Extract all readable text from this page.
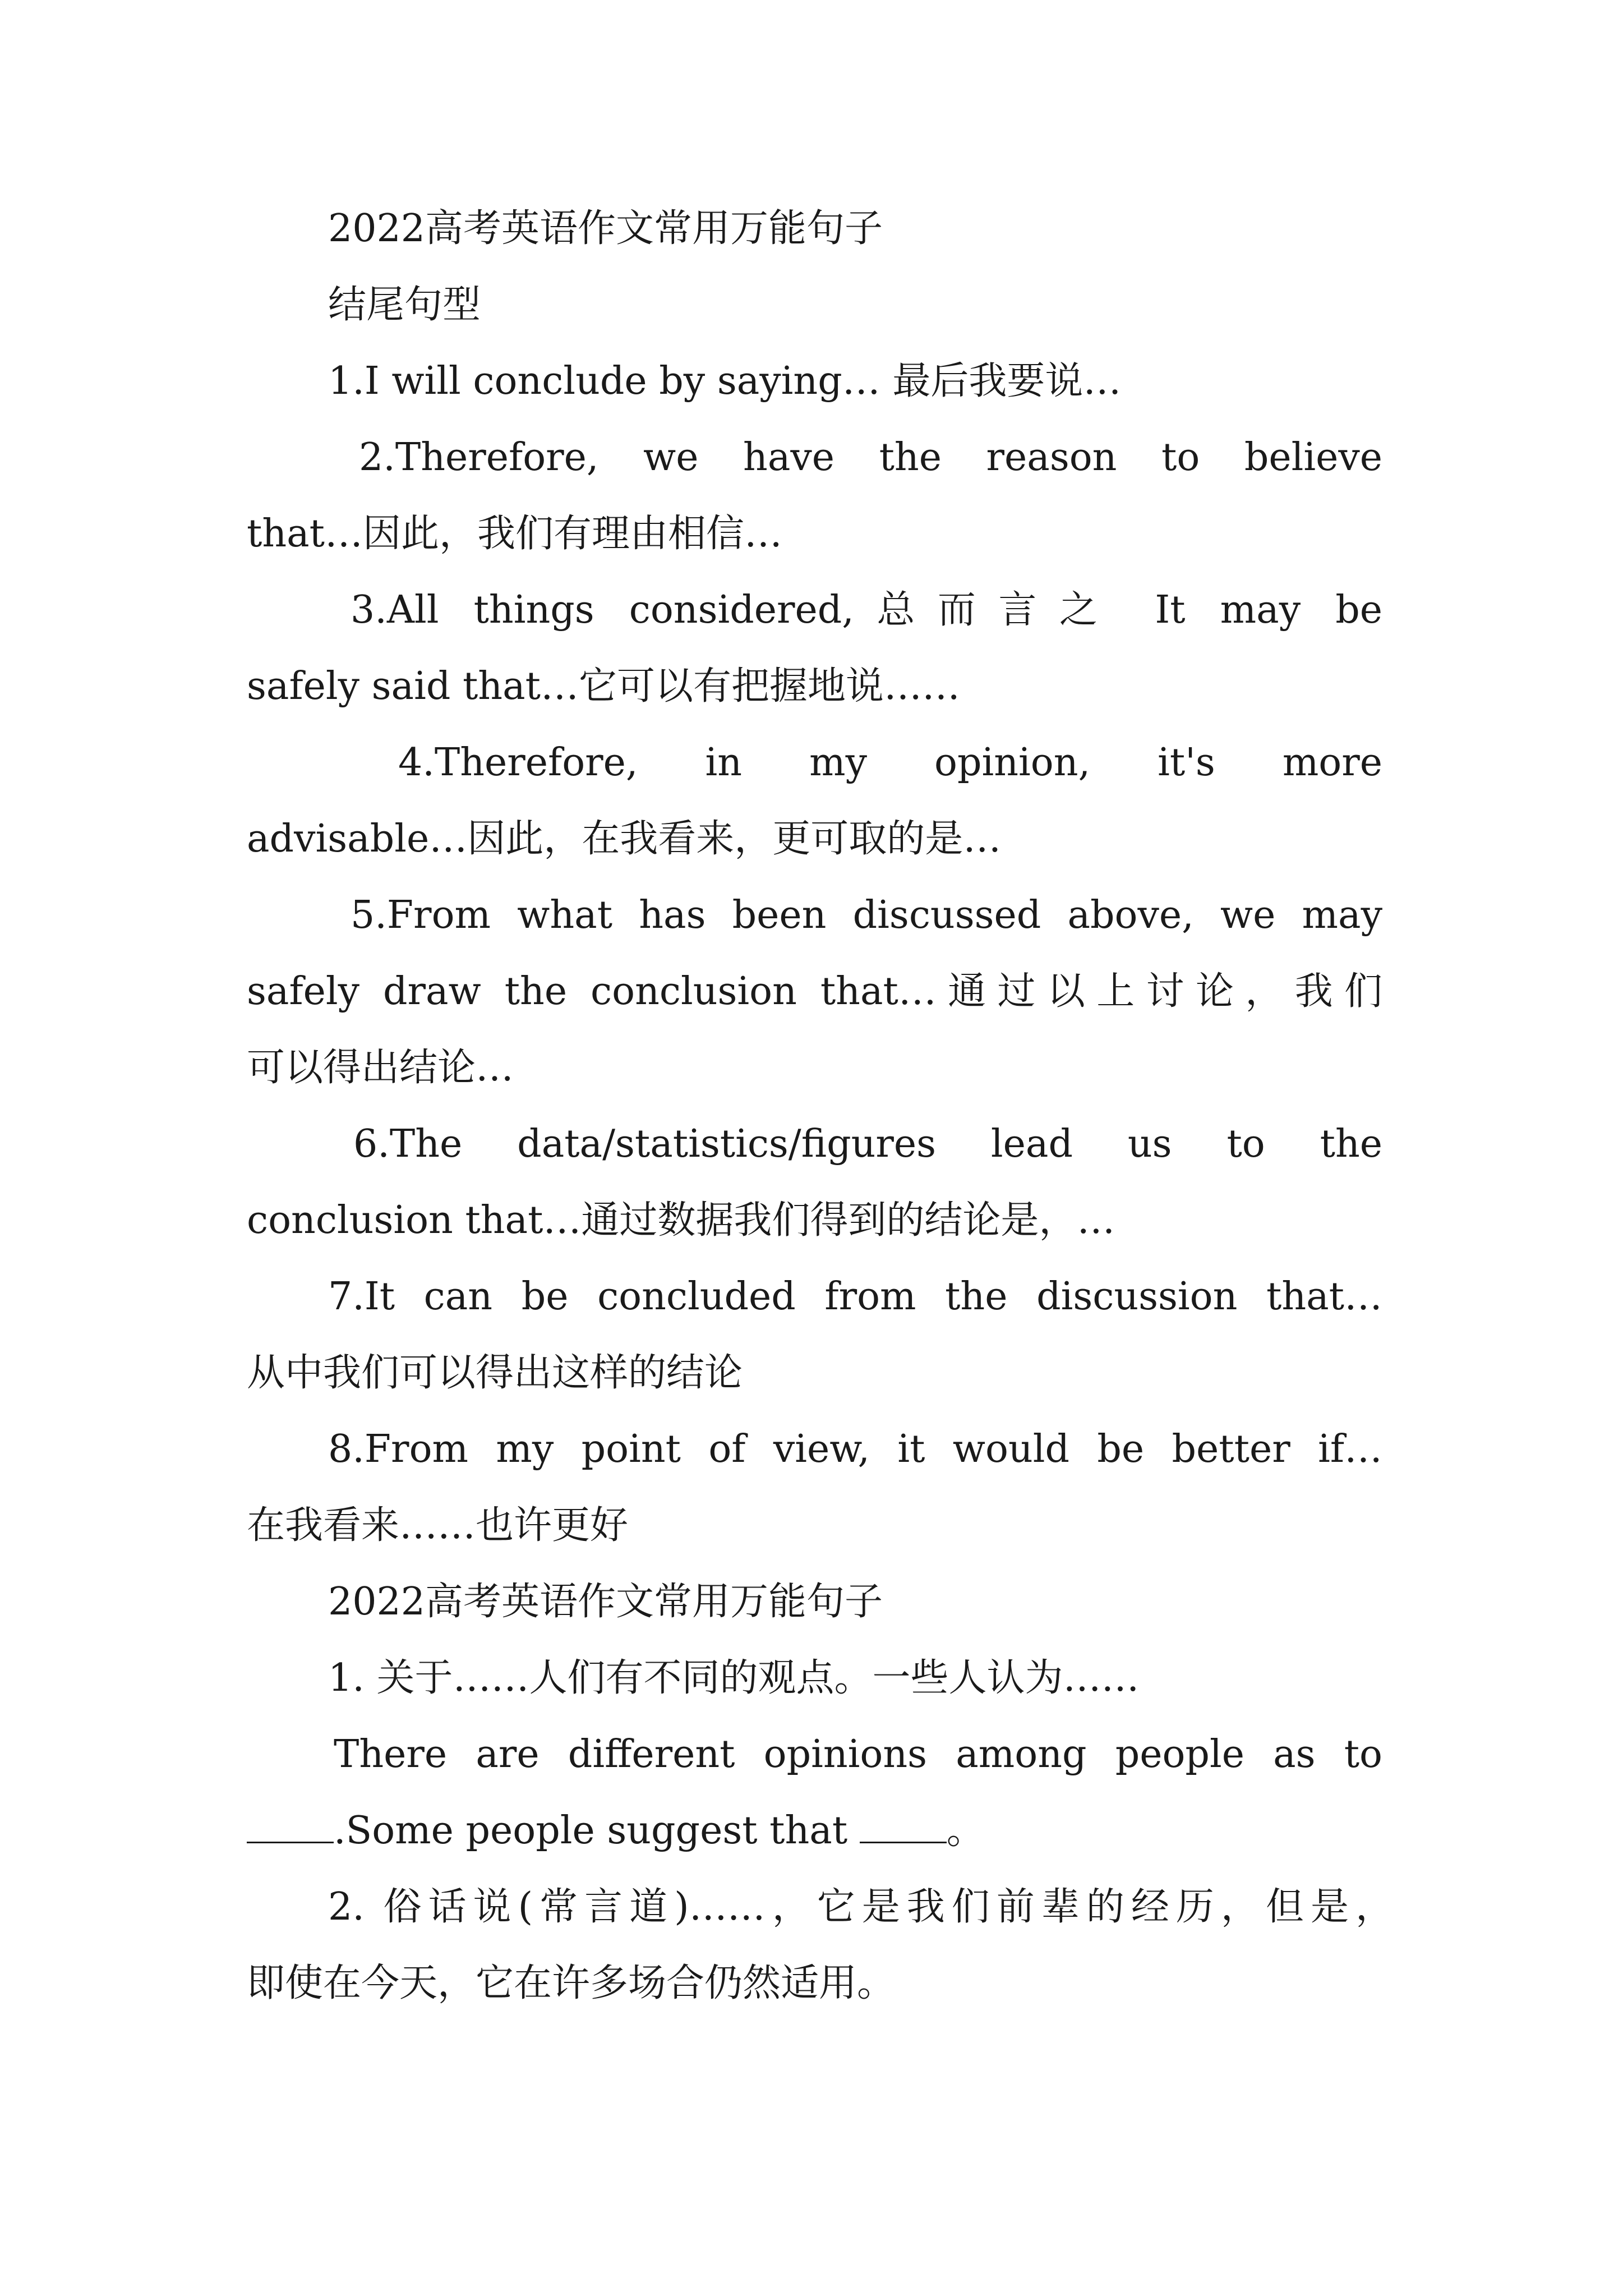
2022高考英语作文常用万能句子

结尾句型

1.I will conclude by saying… 最后我要说…

2.Therefore, we have the reason to believe

that…因此，我们有理由相信…

3.All things considered,总而言之 It may be

safely said that…它可以有把握地说……

4.Therefore, in my opinion, it's more

advisable…因此，在我看来，更可取的是…

5.From what has been discussed above, we may

safely draw the conclusion that…通过以上讨论，我们

可以得出结论…

6.The data/statistics/figures lead us to the

conclusion that…通过数据我们得到的结论是，…

7.It can be concluded from the discussion that…

从中我们可以得出这样的结论

8.From my point of view, it would be better if…

在我看来……也许更好

2022高考英语作文常用万能句子

1. 关于……人们有不同的观点。一些人认为……

There are different opinions among people as to

.Some people suggest that	。

2. 俗话说(常言道)……，它是我们前辈的经历，但是，

即使在今天，它在许多场合仍然适用。
